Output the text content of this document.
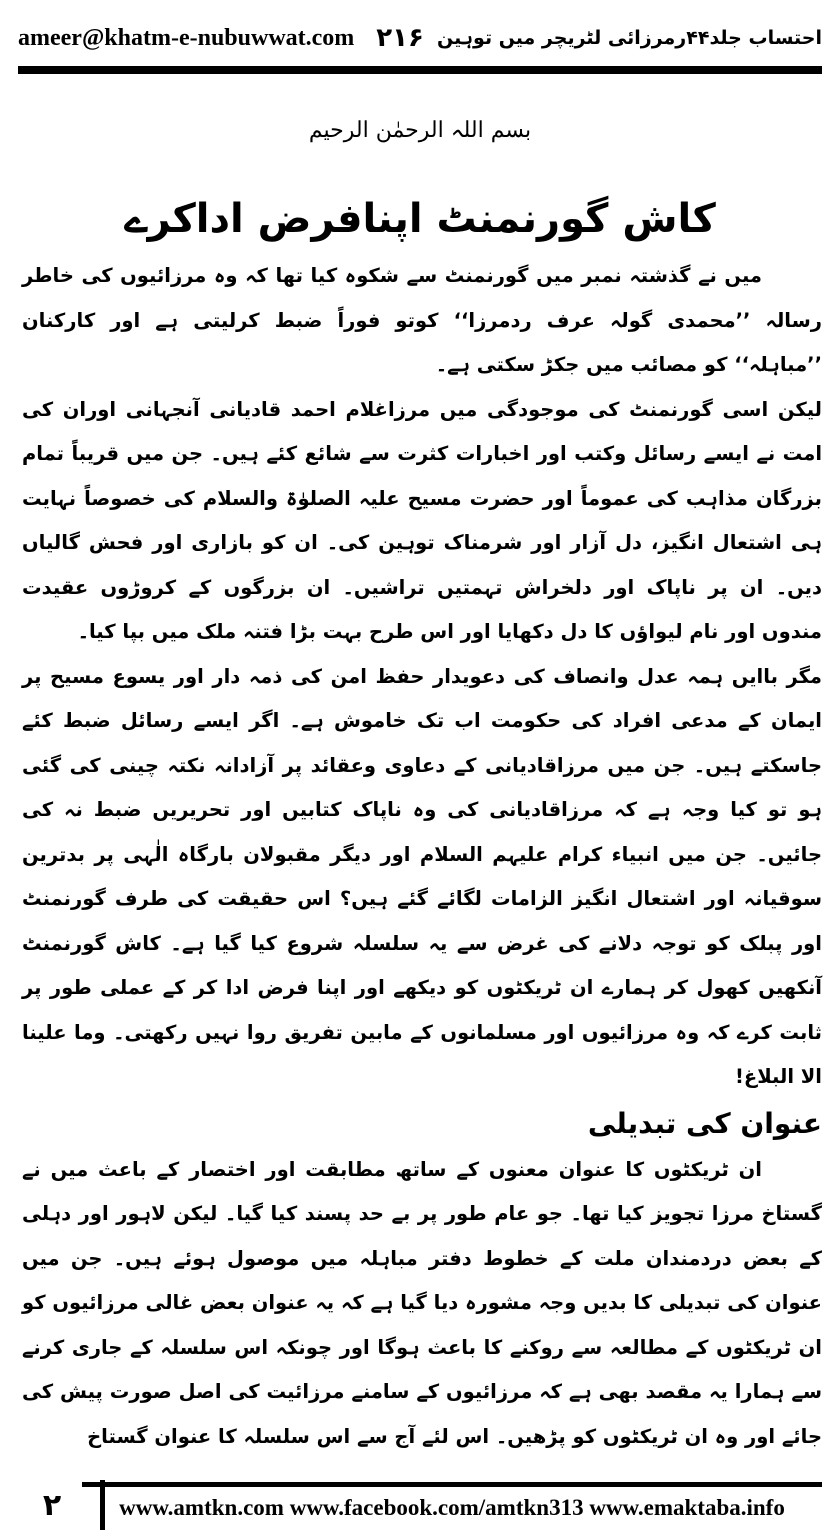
ameer@khatm-e-nubuwwat.com ۲۱۶ احتساب جلد۴۴رمرزائی لٹریچر میں توہین
بسم اللہ الرحمٰن الرحیم
کاش گورنمنٹ اپنافرض اداکرے

میں نے گذشتہ نمبر میں گورنمنٹ سے شکوہ کیا تھا کہ وہ مرزائیوں کی خاطر رسالہ ’’محمدی گولہ عرف ردمرزا‘‘ کوتو فوراً ضبط کرلیتی ہے اور کارکنان ’’مباہلہ‘‘ کو مصائب میں جکڑ سکتی ہے۔

لیکن اسی گورنمنٹ کی موجودگی میں مرزاغلام احمد قادیانی آنجہانی اوران کی امت نے ایسے رسائل وکتب اور اخبارات کثرت سے شائع کئے ہیں۔ جن میں قریباً تمام بزرگان مذاہب کی عموماً اور حضرت مسیح علیہ الصلوٰۃ والسلام کی خصوصاً نہایت ہی اشتعال انگیز، دل آزار اور شرمناک توہین کی۔ ان کو بازاری اور فحش گالیاں دیں۔ ان پر ناپاک اور دلخراش تہمتیں تراشیں۔ ان بزرگوں کے کروڑوں عقیدت مندوں اور نام لیواؤں کا دل دکھایا اور اس طرح بہت بڑا فتنہ ملک میں بپا کیا۔

مگر باایں ہمہ عدل وانصاف کی دعویدار حفظ امن کی ذمہ دار اور یسوع مسیح پر ایمان کے مدعی افراد کی حکومت اب تک خاموش ہے۔ اگر ایسے رسائل ضبط کئے جاسکتے ہیں۔ جن میں مرزاقادیانی کے دعاوی وعقائد پر آزادانہ نکتہ چینی کی گئی ہو تو کیا وجہ ہے کہ مرزاقادیانی کی وہ ناپاک کتابیں اور تحریریں ضبط نہ کی جائیں۔ جن میں انبیاء کرام علیہم السلام اور دیگر مقبولان بارگاہ الٰہی پر بدترین سوقیانہ اور اشتعال انگیز الزامات لگائے گئے ہیں؟ اس حقیقت کی طرف گورنمنٹ اور پبلک کو توجہ دلانے کی غرض سے یہ سلسلہ شروع کیا گیا ہے۔ کاش گورنمنٹ آنکھیں کھول کر ہمارے ان ٹریکٹوں کو دیکھے اور اپنا فرض ادا کر کے عملی طور پر ثابت کرے کہ وہ مرزائیوں اور مسلمانوں کے مابین تفریق روا نہیں رکھتی۔ وما علینا الا البلاغ!

عنوان کی تبدیلی

ان ٹریکٹوں کا عنوان معنوں کے ساتھ مطابقت اور اختصار کے باعث میں نے گستاخ مرزا تجویز کیا تھا۔ جو عام طور پر بے حد پسند کیا گیا۔ لیکن لاہور اور دہلی کے بعض دردمندان ملت کے خطوط دفتر مباہلہ میں موصول ہوئے ہیں۔ جن میں عنوان کی تبدیلی کا بدیں وجہ مشورہ دیا گیا ہے کہ یہ عنوان بعض غالی مرزائیوں کو ان ٹریکٹوں کے مطالعہ سے روکنے کا باعث ہوگا اور چونکہ اس سلسلہ کے جاری کرنے سے ہمارا یہ مقصد بھی ہے کہ مرزائیوں کے سامنے مرزائیت کی اصل صورت پیش کی جائے اور وہ ان ٹریکٹوں کو پڑھیں۔ اس لئے آج سے اس سلسلہ کا عنوان گستاخ

۲	www.amtkn.com www.facebook.com/amtkn313 www.emaktaba.info
